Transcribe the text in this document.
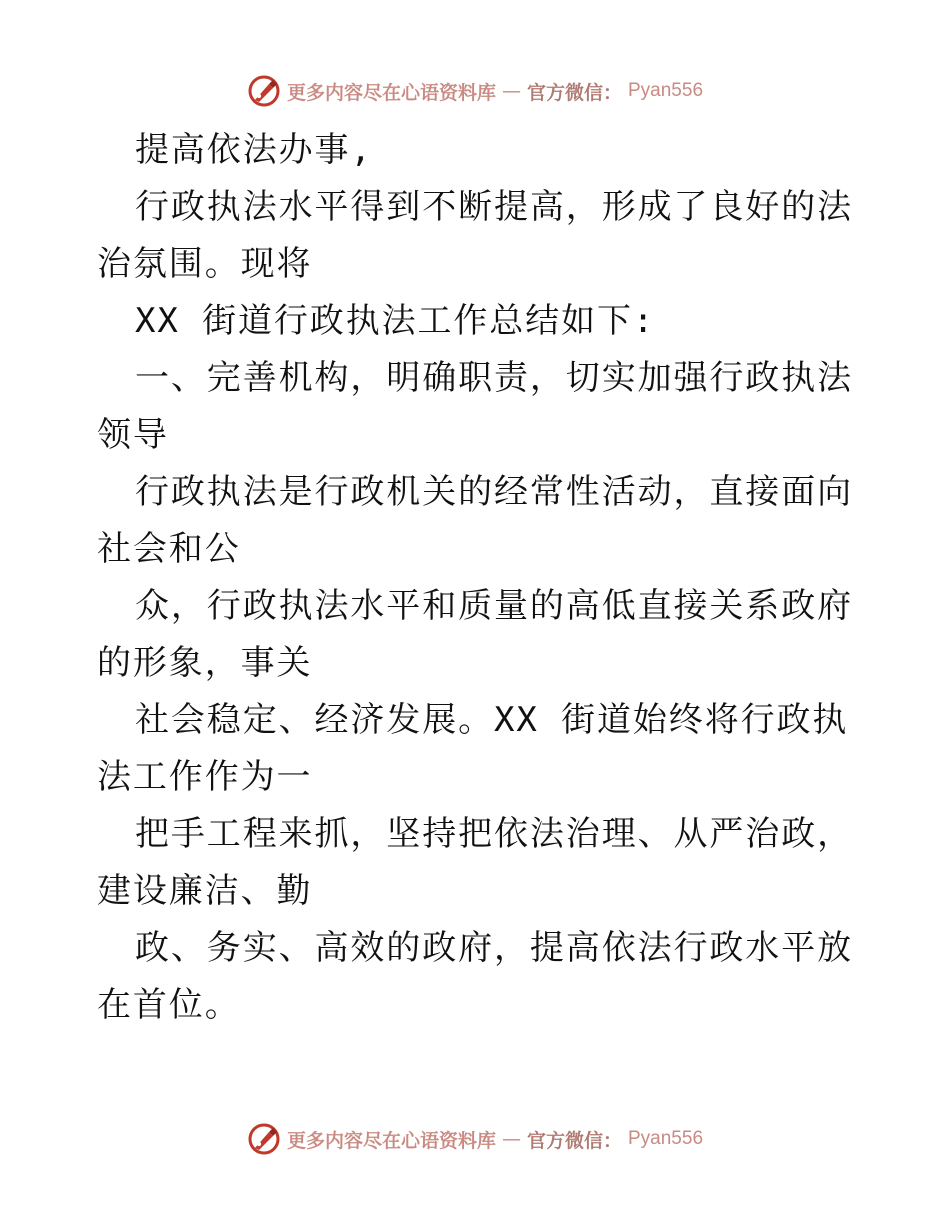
更多内容尽在心语资料库 — 官方微信： Pyan556

提高依法办事,

行政执法水平得到不断提高，形成了良好的法治氛围。现将

XX 街道行政执法工作总结如下:

一、完善机构，明确职责，切实加强行政执法领导

行政执法是行政机关的经常性活动，直接面向社会和公

众，行政执法水平和质量的高低直接关系政府的形象，事关

社会稳定、经济发展。XX 街道始终将行政执法工作作为一

把手工程来抓，坚持把依法治理、从严治政，建设廉洁、勤

政、务实、高效的政府，提高依法行政水平放在首位。

更多内容尽在心语资料库 — 官方微信： Pyan556
